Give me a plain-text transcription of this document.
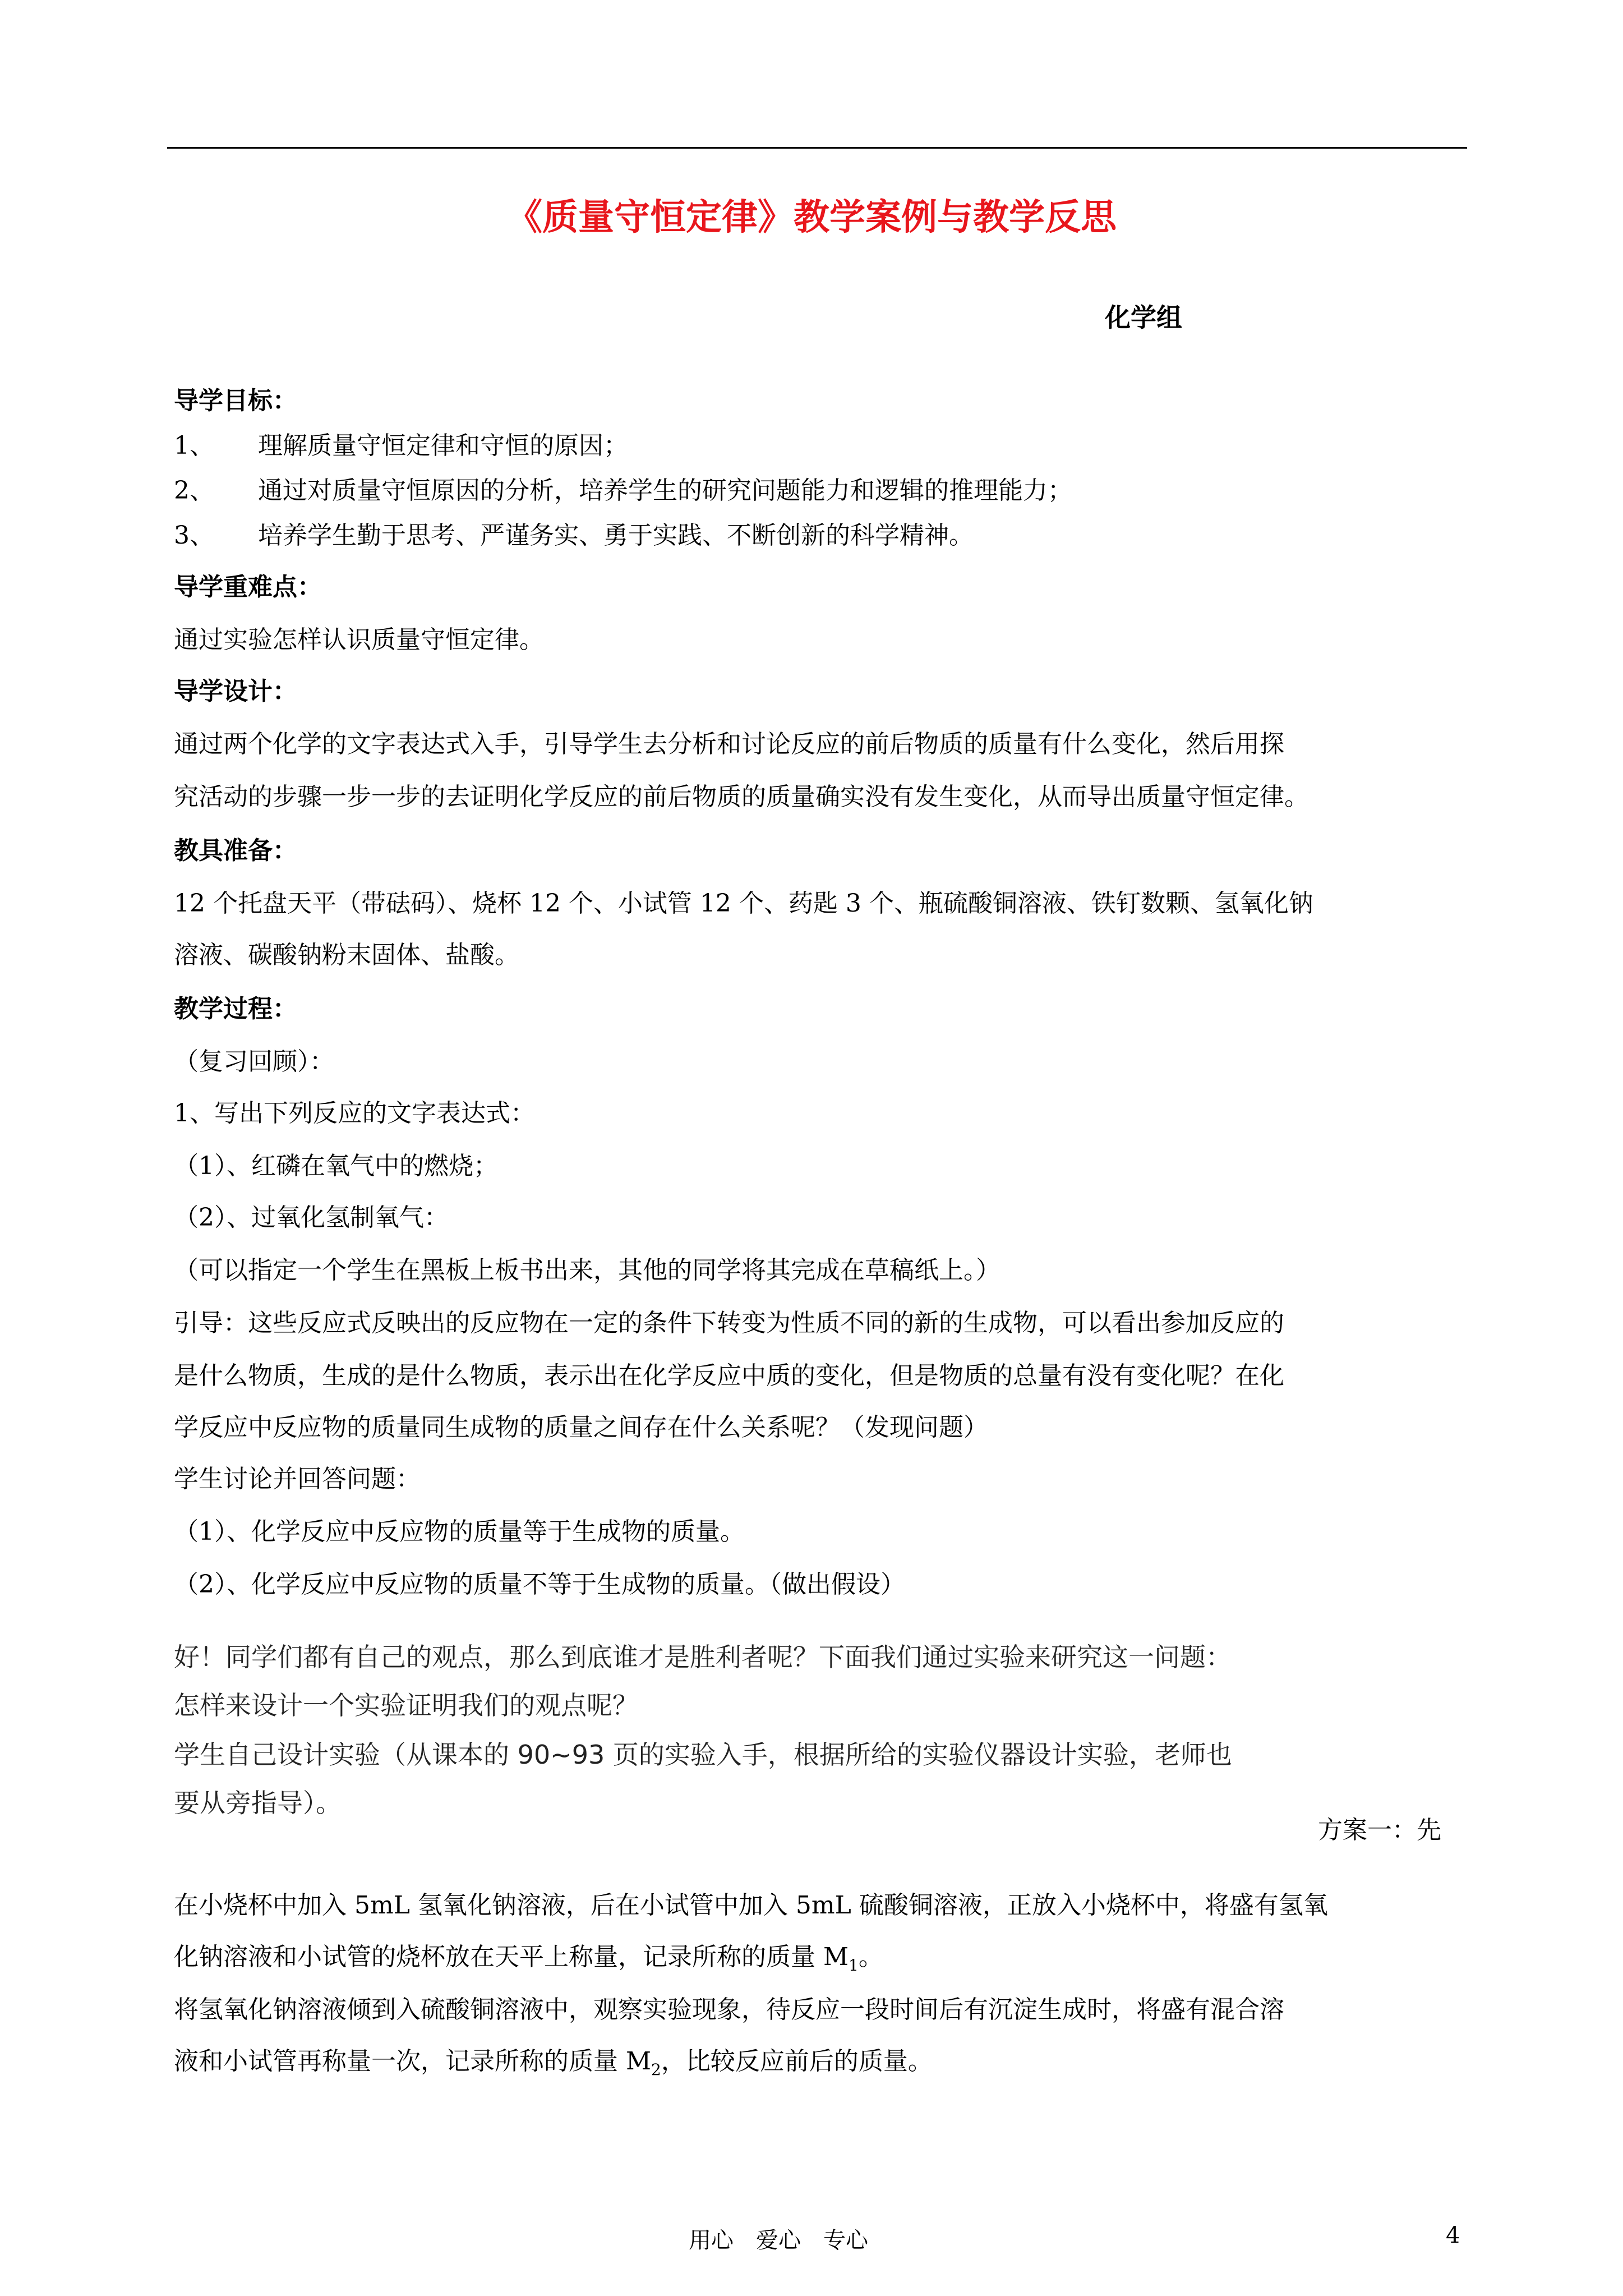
《质量守恒定律》教学案例与教学反思
化学组
导学目标：
1、 理解质量守恒定律和守恒的原因；
2、 通过对质量守恒原因的分析，培养学生的研究问题能力和逻辑的推理能力；
3、 培养学生勤于思考、严谨务实、勇于实践、不断创新的科学精神。
导学重难点：
通过实验怎样认识质量守恒定律。
导学设计：
通过两个化学的文字表达式入手，引导学生去分析和讨论反应的前后物质的质量有什么变化，然后用探
究活动的步骤一步一步的去证明化学反应的前后物质的质量确实没有发生变化，从而导出质量守恒定律。
教具准备：
12 个托盘天平（带砝码）、烧杯 12 个、小试管 12 个、药匙 3 个、瓶硫酸铜溶液、铁钉数颗、氢氧化钠
溶液、碳酸钠粉末固体、盐酸。
教学过程：
（复习回顾）：
1、写出下列反应的文字表达式：
（1）、红磷在氧气中的燃烧；
（2）、过氧化氢制氧气：
（可以指定一个学生在黑板上板书出来，其他的同学将其完成在草稿纸上。）
引导：这些反应式反映出的反应物在一定的条件下转变为性质不同的新的生成物，可以看出参加反应的
是什么物质，生成的是什么物质，表示出在化学反应中质的变化，但是物质的总量有没有变化呢？在化
学反应中反应物的质量同生成物的质量之间存在什么关系呢？（发现问题）
学生讨论并回答问题：
（1）、化学反应中反应物的质量等于生成物的质量。
（2）、化学反应中反应物的质量不等于生成物的质量。（做出假设）
好！同学们都有自己的观点，那么到底谁才是胜利者呢？下面我们通过实验来研究这一问题：
怎样来设计一个实验证明我们的观点呢？
学生自己设计实验（从课本的 90~93 页的实验入手，根据所给的实验仪器设计实验，老师也
要从旁指导）。
方案一：先
在小烧杯中加入 5mL 氢氧化钠溶液，后在小试管中加入 5mL 硫酸铜溶液，正放入小烧杯中，将盛有氢氧
化钠溶液和小试管的烧杯放在天平上称量，记录所称的质量 $M_1$。
将氢氧化钠溶液倾到入硫酸铜溶液中，观察实验现象，待反应一段时间后有沉淀生成时，将盛有混合溶
液和小试管再称量一次，记录所称的质量 $M_2$，比较反应前后的质量。
用心　爱心　专心	4
